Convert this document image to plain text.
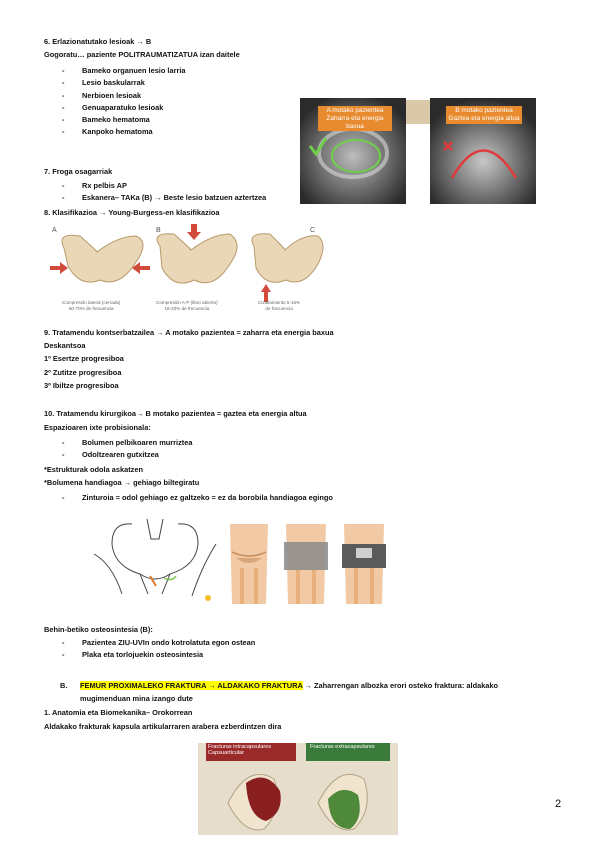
6. Erlazionatutako lesioak → B
Gogoratu… paziente POLITRAUMATIZATUA izan daitele
- Bameko organuen lesio larria
- Lesio baskularrak
- Nerbioen lesioak
- Genuaparatuko lesioak
- Bameko hematoma
- Kanpoko hematoma
A motako pazientea
Zaharra eta energia baxua
B motako pazientea
Gaztea eta energia altua
7. Froga osagarriak
- Rx pelbis AP
- Eskanera– TAKa (B) → Beste lesio batzuen aztertzea
8. Klasifikazioa → Young-Burgess-en klasifikazioa
A	B	C
Compresión lateral (cerrada)
60-70% de frecuencia
Compresión A-P (libro abierto)
15-20% de frecuencia
Cizallamiento 5-15%
de frecuencia
9. Tratamendu kontserbatzailea → A motako pazientea = zaharra eta energia baxua
Deskantsoa
1º Esertze progresiboa
2º Zutitze progresiboa
3º Ibiltze progresiboa
10. Tratamendu kirurgikoa→ B motako pazientea = gaztea eta energia altua
Espazioaren ixte probisionala:
- Bolumen pelbikoaren murriztea
- Odoltzearen gutxitzea
*Estrukturak odola askatzen
*Bolumena handiagoa → gehiago biltegiratu
- Zinturoia = odol gehiago ez galtzeko = ez da borobila handiagoa egingo
Behin-betiko osteosintesia (B):
- Pazientea ZIU-UVIn ondo kotrolatuta egon ostean
- Plaka eta torlojuekin osteosintesia
B. FEMUR PROXIMALEKO FRAKTURA → ALDAKAKO FRAKTURA → Zaharrengan albozka erori osteko fraktura: aldakako
mugimenduan mina izango dute
1. Anatomia eta Biomekanika– Orokorrean
Aldakako frakturak kapsula artikularraren arabera ezberdintzen dira
Fracturas intracapsulares
Capsuarticular
Fracturas extracapsulares
2
